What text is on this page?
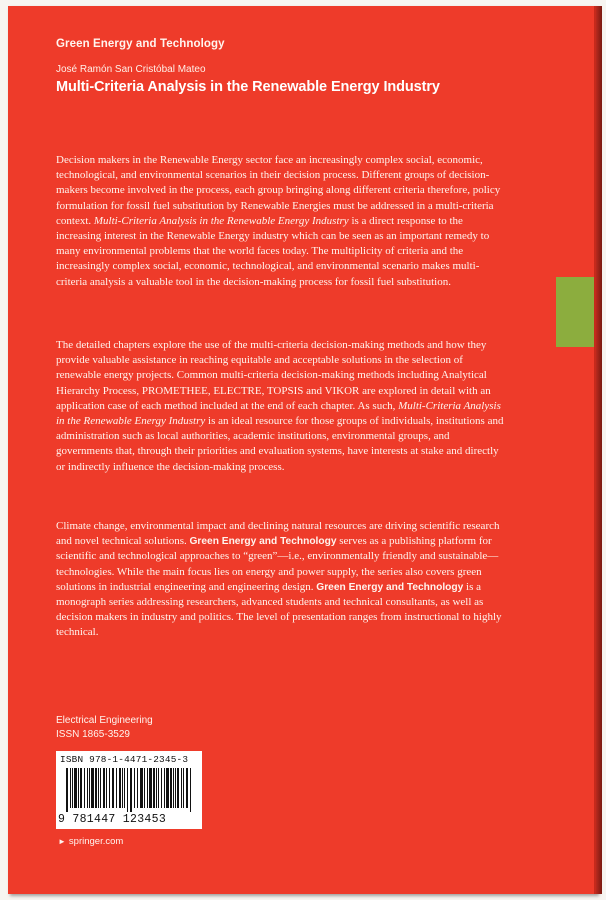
Green Energy and Technology
José Ramón San Cristóbal Mateo
Multi-Criteria Analysis in the Renewable Energy Industry

Decision makers in the Renewable Energy sector face an increasingly complex social, economic, technological, and environmental scenarios in their decision process. Different groups of decision-makers become involved in the process, each group bringing along different criteria therefore, policy formulation for fossil fuel substitution by Renewable Energies must be addressed in a multi-criteria context. Multi-Criteria Analysis in the Renewable Energy Industry is a direct response to the increasing interest in the Renewable Energy industry which can be seen as an important remedy to many environmental problems that the world faces today. The multiplicity of criteria and the increasingly complex social, economic, technological, and environmental scenario makes multi-criteria analysis a valuable tool in the decision-making process for fossil fuel substitution.

The detailed chapters explore the use of the multi-criteria decision-making methods and how they provide valuable assistance in reaching equitable and acceptable solutions in the selection of renewable energy projects. Common multi-criteria decision-making methods including Analytical Hierarchy Process, PROMETHEE, ELECTRE, TOPSIS and VIKOR are explored in detail with an application case of each method included at the end of each chapter. As such, Multi-Criteria Analysis in the Renewable Energy Industry is an ideal resource for those groups of individuals, institutions and administration such as local authorities, academic institutions, environmental groups, and governments that, through their priorities and evaluation systems, have interests at stake and directly or indirectly influence the decision-making process.

Climate change, environmental impact and declining natural resources are driving scientific research and novel technical solutions. Green Energy and Technology serves as a publishing platform for scientific and technological approaches to “green”—i.e., environmentally friendly and sustainable—technologies. While the main focus lies on energy and power supply, the series also covers green solutions in industrial engineering and engineering design. Green Energy and Technology is a monograph series addressing researchers, advanced students and technical consultants, as well as decision makers in industry and politics. The level of presentation ranges from instructional to highly technical.

Electrical Engineering
ISSN 1865-3529
ISBN 978-1-4471-2345-3
9 781447 123453
► springer.com
